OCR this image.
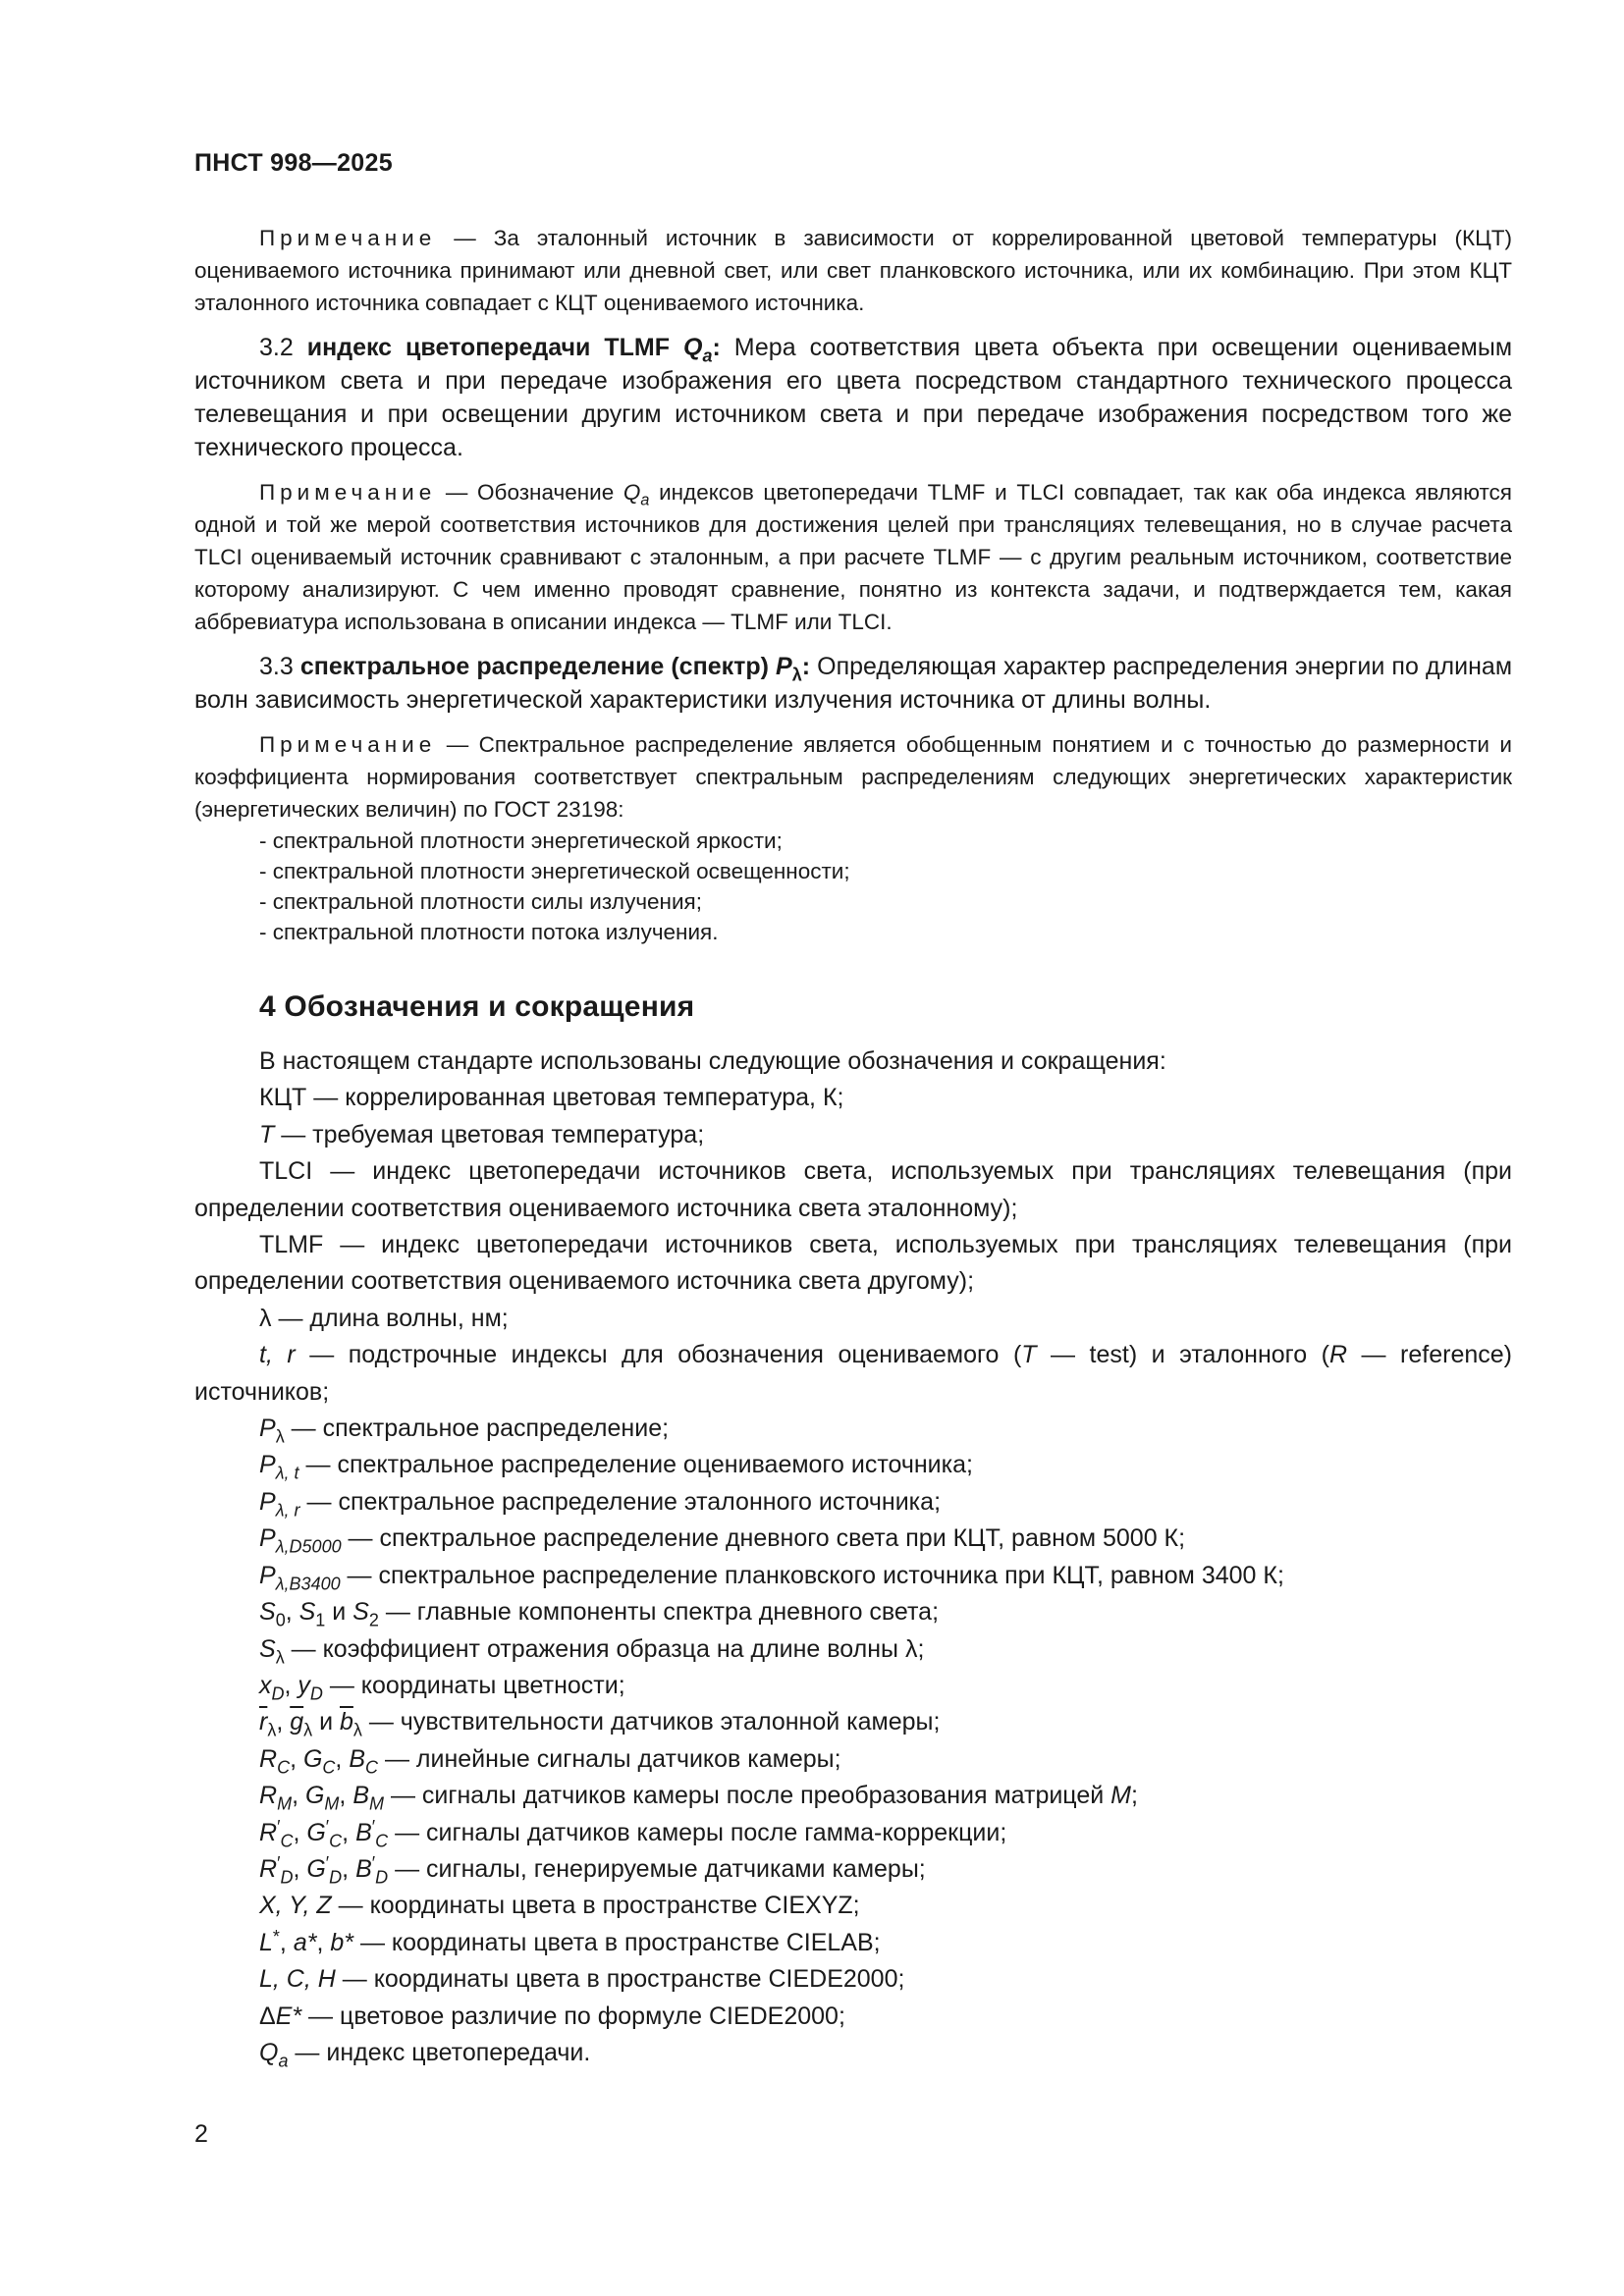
ПНСТ 998—2025

Примечание — За эталонный источник в зависимости от коррелированной цветовой температуры (КЦТ) оцениваемого источника принимают или дневной свет, или свет планковского источника, или их комбинацию. При этом КЦТ эталонного источника совпадает с КЦТ оцениваемого источника.

3.2 индекс цветопередачи TLMF $Q_a$: Мера соответствия цвета объекта при освещении оцениваемым источником света и при передаче изображения его цвета посредством стандартного технического процесса телевещания и при освещении другим источником света и при передаче изображения посредством того же технического процесса.

Примечание — Обозначение $Q_a$ индексов цветопередачи TLMF и TLCI совпадает, так как оба индекса являются одной и той же мерой соответствия источников для достижения целей при трансляциях телевещания, но в случае расчета TLCI оцениваемый источник сравнивают с эталонным, а при расчете TLMF — с другим реальным источником, соответствие которому анализируют. С чем именно проводят сравнение, понятно из контекста задачи, и подтверждается тем, какая аббревиатура использована в описании индекса — TLMF или TLCI.

3.3 спектральное распределение (спектр) $P_\lambda$: Определяющая характер распределения энергии по длинам волн зависимость энергетической характеристики излучения источника от длины волны.

Примечание — Спектральное распределение является обобщенным понятием и с точностью до размерности и коэффициента нормирования соответствует спектральным распределениям следующих энергетических характеристик (энергетических величин) по ГОСТ 23198:

- спектральной плотности энергетической яркости;
- спектральной плотности энергетической освещенности;
- спектральной плотности силы излучения;
- спектральной плотности потока излучения.
4 Обозначения и сокращения

В настоящем стандарте использованы следующие обозначения и сокращения:

КЦТ — коррелированная цветовая температура, К;

T — требуемая цветовая температура;

TLCI — индекс цветопередачи источников света, используемых при трансляциях телевещания (при определении соответствия оцениваемого источника света эталонному);

TLMF — индекс цветопередачи источников света, используемых при трансляциях телевещания (при определении соответствия оцениваемого источника света другому);

λ — длина волны, нм;

t, r — подстрочные индексы для обозначения оцениваемого (T — test) и эталонного (R — reference) источников;

$P_\lambda$ — спектральное распределение;

$P_{\lambda, t}$ — спектральное распределение оцениваемого источника;

$P_{\lambda, r}$ — спектральное распределение эталонного источника;

$P_{\lambda,D5000}$ — спектральное распределение дневного света при КЦТ, равном 5000 К;

$P_{\lambda,B3400}$ — спектральное распределение планковского источника при КЦТ, равном 3400 К;

$S_0$, $S_1$ и $S_2$ — главные компоненты спектра дневного света;

$S_\lambda$ — коэффициент отражения образца на длине волны λ;

$x_D$, $y_D$ — координаты цветности;

$\overline{r}_\lambda$, $\overline{g}_\lambda$ и $\overline{b}_\lambda$ — чувствительности датчиков эталонной камеры;

$R_C$, $G_C$, $B_C$ — линейные сигналы датчиков камеры;

$R_M$, $G_M$, $B_M$ — сигналы датчиков камеры после преобразования матрицей M;

$R'_C$, $G'_C$, $B'_C$ — сигналы датчиков камеры после гамма-коррекции;

$R'_D$, $G'_D$, $B'_D$ — сигналы, генерируемые датчиками камеры;

X, Y, Z — координаты цвета в пространстве CIEXYZ;

L*, a*, b* — координаты цвета в пространстве CIELAB;

L, C, H — координаты цвета в пространстве CIEDE2000;

ΔE* — цветовое различие по формуле CIEDE2000;

$Q_a$ — индекс цветопередачи.

2
